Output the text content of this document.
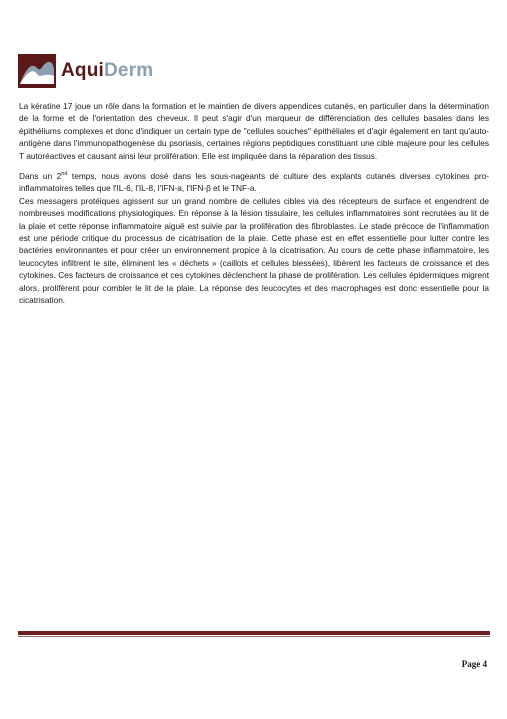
AquiDerm

La kératine 17 joue un rôle dans la formation et le maintien de divers appendices cutanés, en particulier dans la détermination de la forme et de l'orientation des cheveux. Il peut s'agir d'un marqueur de différenciation des cellules basales dans les épithéliums complexes et donc d'indiquer un certain type de "cellules souches" épithéliales et d'agir également en tant qu'auto-antigène dans l'immunopathogenèse du psoriasis, certaines régions peptidiques constituant une cible majeure pour les cellules T autoréactives et causant ainsi leur prolifération. Elle est impliquée dans la réparation des tissus.

Dans un 2nd temps, nous avons dosé dans les sous-nageants de culture des explants cutanés diverses cytokines pro-inflammatoires telles que l'IL-6, l'IL-8, l'IFN-a, l'IFN-β et le TNF-a.

Ces messagers protéiques agissent sur un grand nombre de cellules cibles via des récepteurs de surface et engendrent de nombreuses modifications physiologiques. En réponse à la lésion tissulaire, les cellules inflammatoires sont recrutées au lit de la plaie et cette réponse inflammatoire aiguë est suivie par la prolifération des fibroblastes. Le stade précoce de l'inflammation est une période critique du processus de cicatrisation de la plaie. Cette phase est en effet essentielle pour lutter contre les bactéries environnantes et pour créer un environnement propice à la cicatrisation. Au cours de cette phase inflammatoire, les leucocytes infiltrent le site, éliminent les « déchets » (caillots et cellules blessées), libèrent les facteurs de croissance et des cytokines. Ces facteurs de croissance et ces cytokines déclenchent la phase de prolifération. Les cellules épidermiques migrent alors, prolifèrent pour combler le lit de la plaie. La réponse des leucocytes et des macrophages est donc essentielle pour la cicatrisation.

Page 4
